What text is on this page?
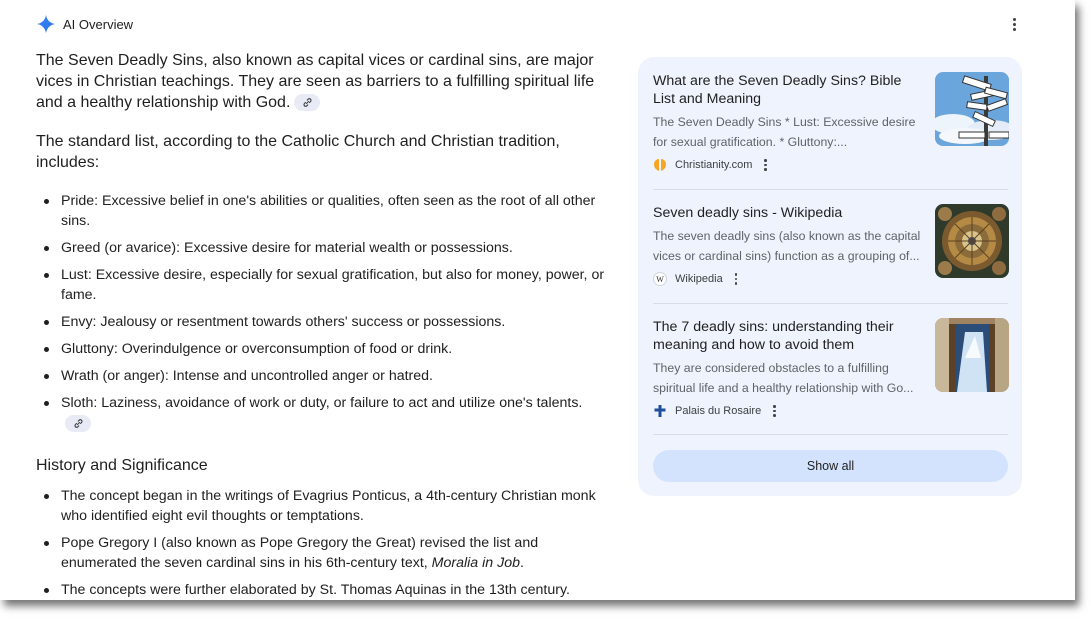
AI Overview

The Seven Deadly Sins, also known as capital vices or cardinal sins, are major vices in Christian teachings. They are seen as barriers to a fulfilling spiritual life and a healthy relationship with God.

The standard list, according to the Catholic Church and Christian tradition, includes:

Pride: Excessive belief in one's abilities or qualities, often seen as the root of all other sins.
Greed (or avarice): Excessive desire for material wealth or possessions.
Lust: Excessive desire, especially for sexual gratification, but also for money, power, or fame.
Envy: Jealousy or resentment towards others' success or possessions.
Gluttony: Overindulgence or overconsumption of food or drink.
Wrath (or anger): Intense and uncontrolled anger or hatred.
Sloth: Laziness, avoidance of work or duty, or failure to act and utilize one's talents.
History and Significance
The concept began in the writings of Evagrius Ponticus, a 4th-century Christian monk who identified eight evil thoughts or temptations.
Pope Gregory I (also known as Pope Gregory the Great) revised the list and enumerated the seven cardinal sins in his 6th-century text, Moralia in Job.
The concepts were further elaborated by St. Thomas Aquinas in the 13th century.
What are the Seven Deadly Sins? Bible List and Meaning
The Seven Deadly Sins * Lust: Excessive desire for sexual gratification. * Gluttony:...
Christianity.com
Seven deadly sins - Wikipedia
The seven deadly sins (also known as the capital vices or cardinal sins) function as a grouping of...
W Wikipedia
The 7 deadly sins: understanding their meaning and how to avoid them
They are considered obstacles to a fulfilling spiritual life and a healthy relationship with Go...
Palais du Rosaire
Show all
